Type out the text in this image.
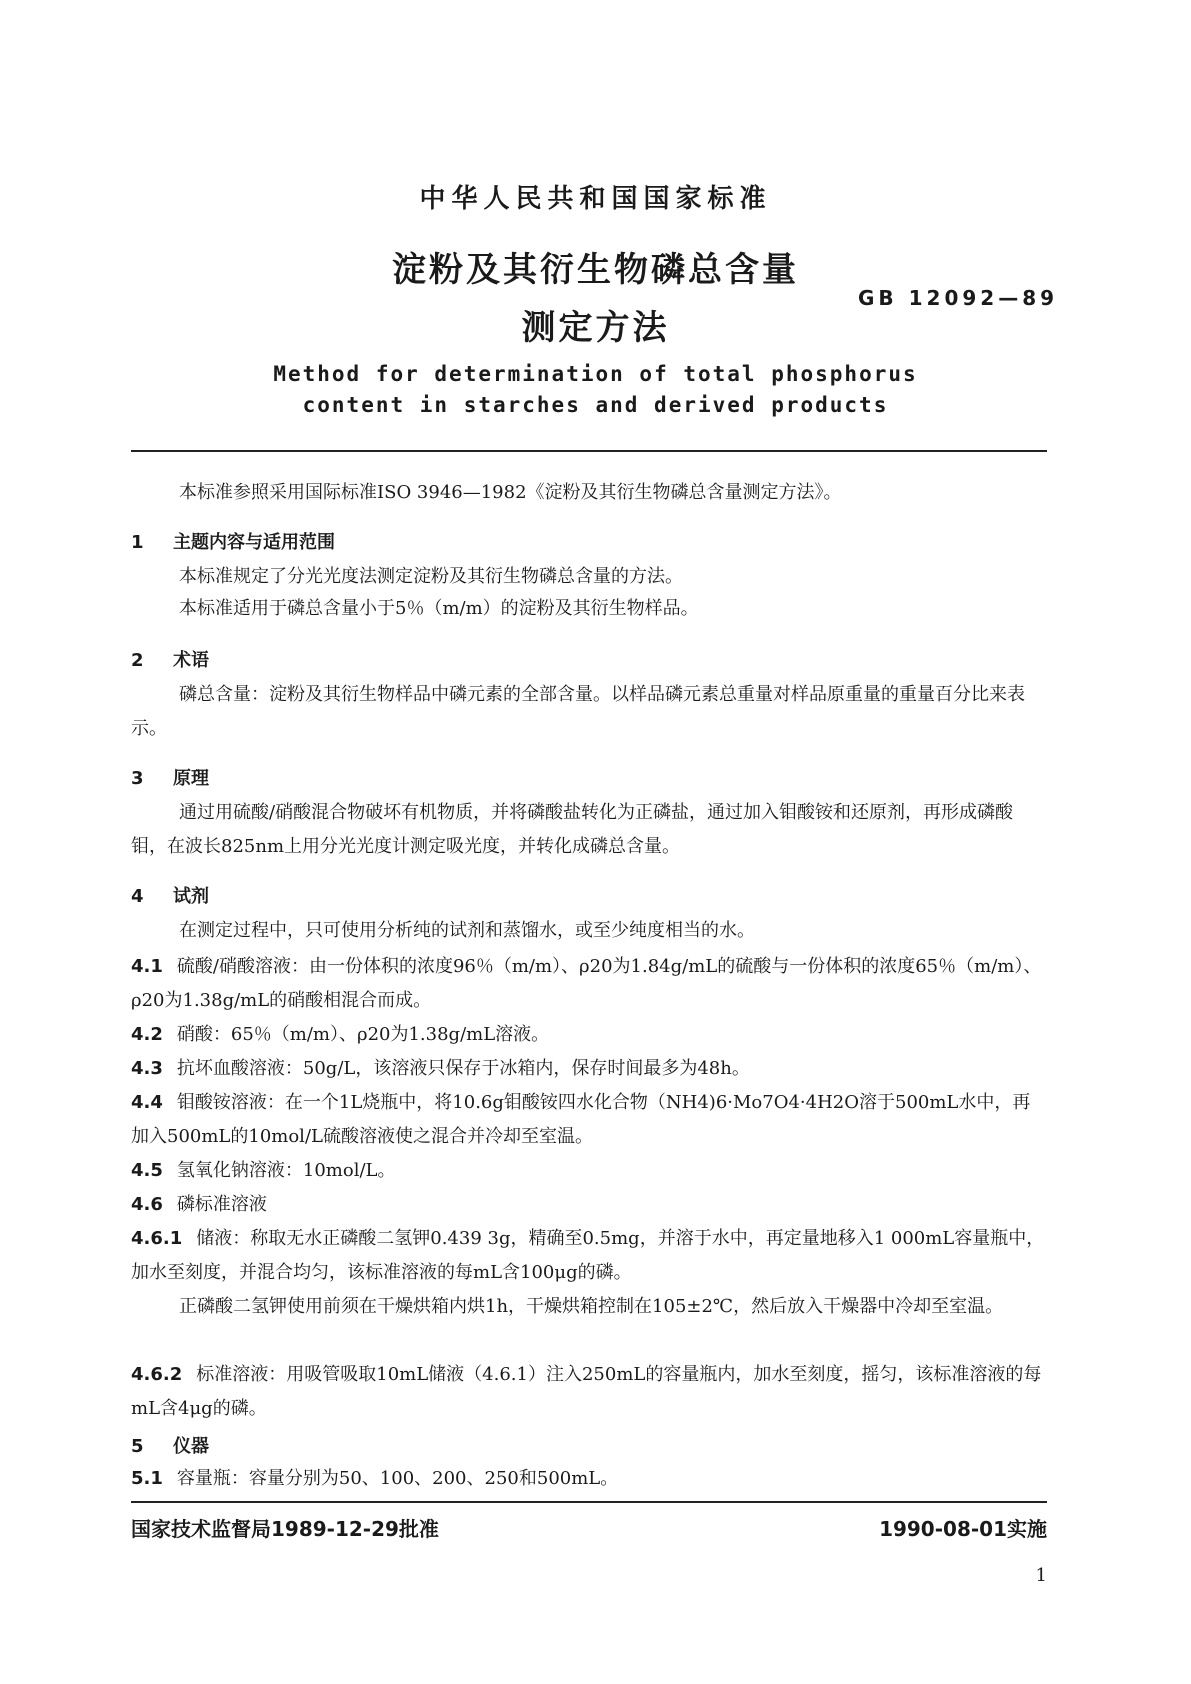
中华人民共和国国家标准
淀粉及其衍生物磷总含量
测定方法
GB 12092—89
Method for determination of total phosphorus
content in starches and derived products
本标准参照采用国际标准ISO 3946—1982《淀粉及其衍生物磷总含量测定方法》。
1 主题内容与适用范围
本标准规定了分光光度法测定淀粉及其衍生物磷总含量的方法。
本标准适用于磷总含量小于5％（m/m）的淀粉及其衍生物样品。
2 术语
磷总含量：淀粉及其衍生物样品中磷元素的全部含量。以样品磷元素总重量对样品原重量的重量百分比来表示。
3 原理
通过用硫酸/硝酸混合物破坏有机物质，并将磷酸盐转化为正磷盐，通过加入钼酸铵和还原剂，再形成磷酸钼，在波长825nm上用分光光度计测定吸光度，并转化成磷总含量。
4 试剂
在测定过程中，只可使用分析纯的试剂和蒸馏水，或至少纯度相当的水。
4.1 硫酸/硝酸溶液：由一份体积的浓度96％（m/m）、ρ20为1.84g/mL的硫酸与一份体积的浓度65％（m/m）、ρ20为1.38g/mL的硝酸相混合而成。
4.2 硝酸：65％（m/m）、ρ20为1.38g/mL溶液。
4.3 抗坏血酸溶液：50g/L，该溶液只保存于冰箱内，保存时间最多为48h。
4.4 钼酸铵溶液：在一个1L烧瓶中，将10.6g钼酸铵四水化合物（NH4)6·Mo7O4·4H2O溶于500mL水中，再加入500mL的10mol/L硫酸溶液使之混合并冷却至室温。
4.5 氢氧化钠溶液：10mol/L。
4.6 磷标准溶液
4.6.1 储液：称取无水正磷酸二氢钾0.439 3g，精确至0.5mg，并溶于水中，再定量地移入1 000mL容量瓶中，加水至刻度，并混合均匀，该标准溶液的每mL含100μg的磷。
正磷酸二氢钾使用前须在干燥烘箱内烘1h，干燥烘箱控制在105±2℃，然后放入干燥器中冷却至室温。
4.6.2 标准溶液：用吸管吸取10mL储液（4.6.1）注入250mL的容量瓶内，加水至刻度，摇匀，该标准溶液的每mL含4μg的磷。
5 仪器
5.1 容量瓶：容量分别为50、100、200、250和500mL。
国家技术监督局1989-12-29批准	1990-08-01实施
1
